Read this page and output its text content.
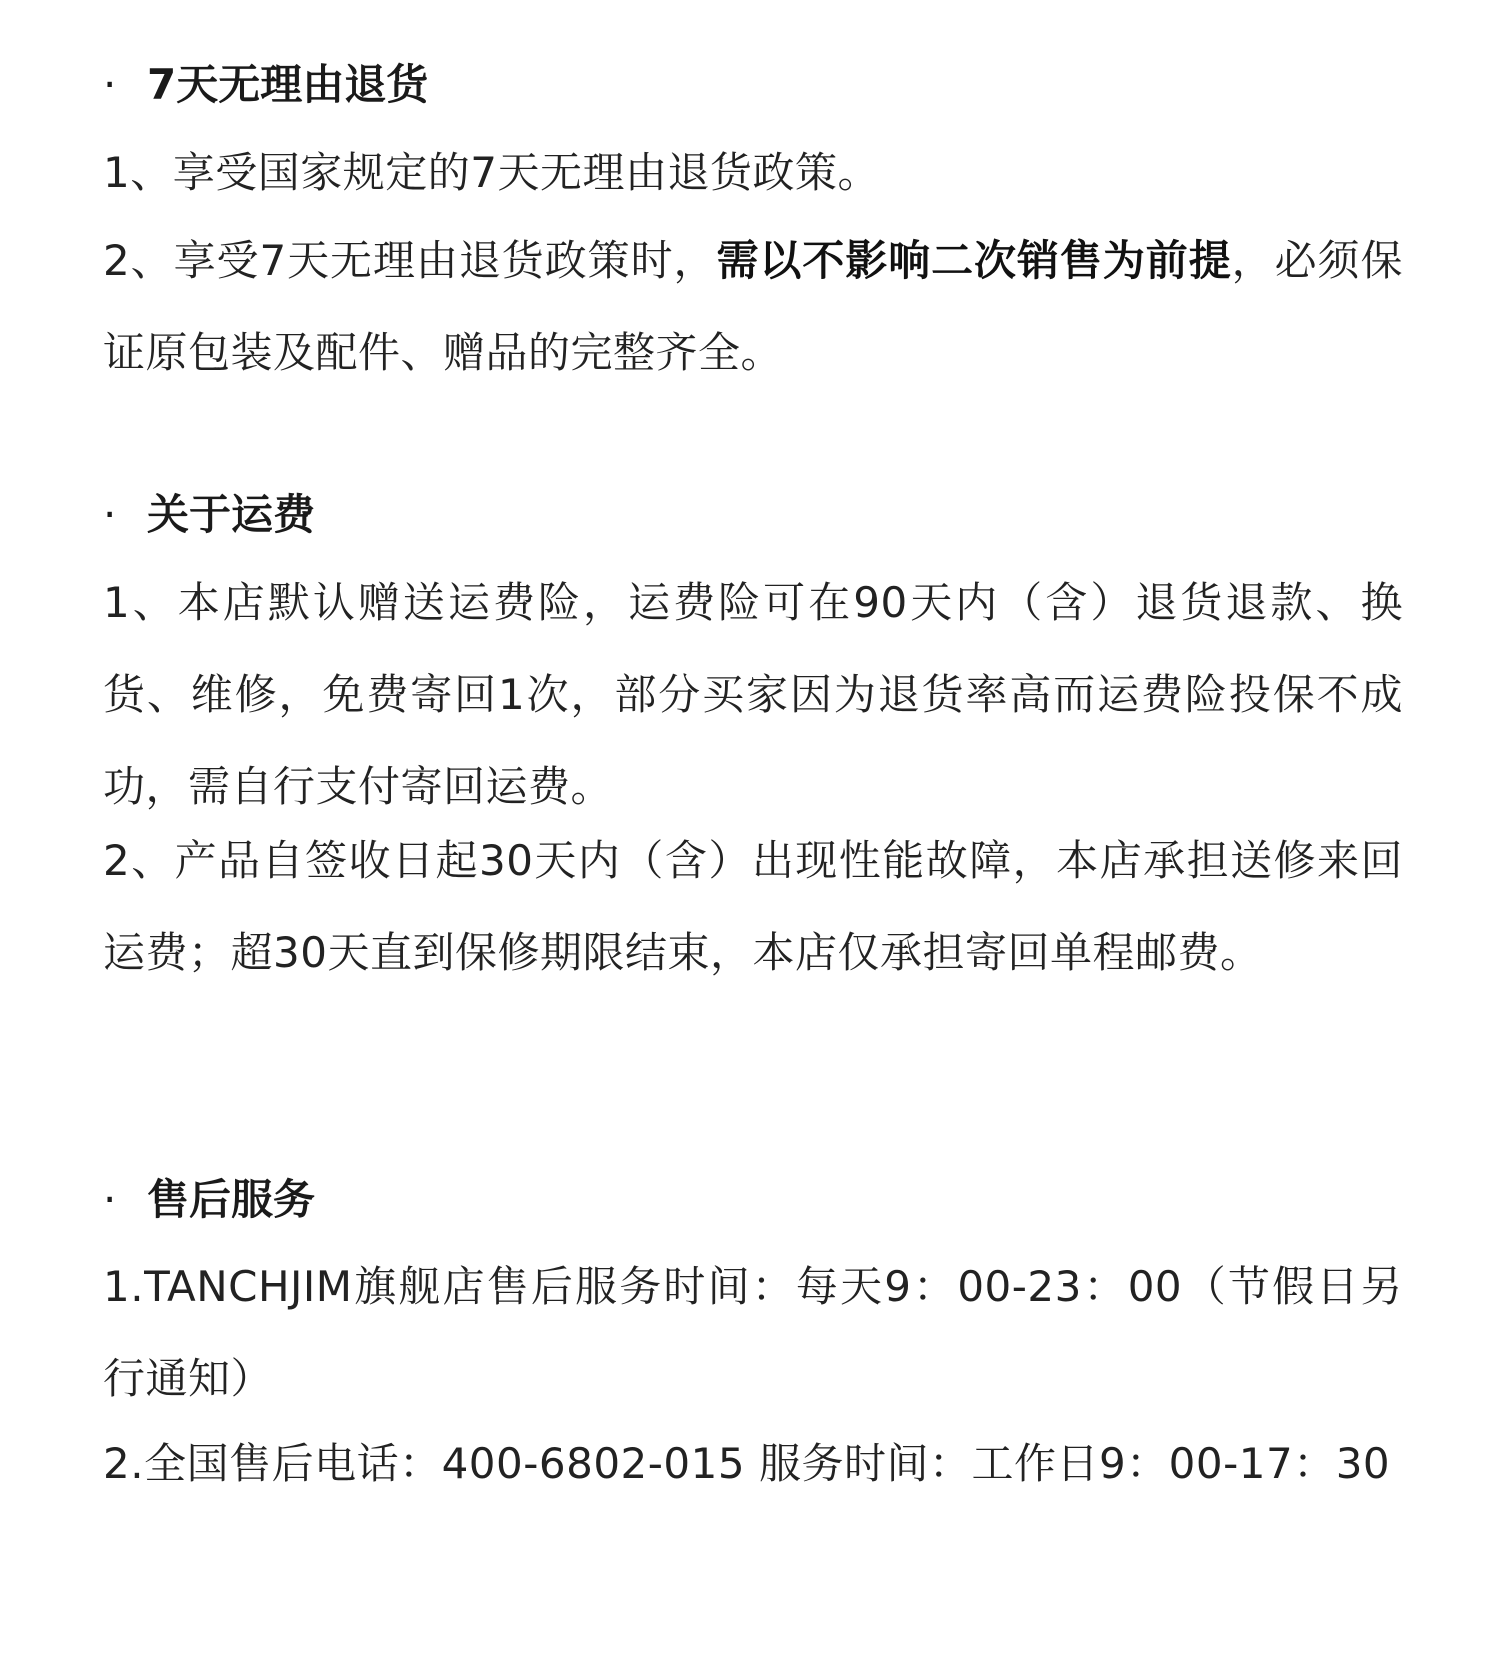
· 7天无理由退货
1、享受国家规定的7天无理由退货政策。
2、享受7天无理由退货政策时，需以不影响二次销售为前提，必须保证原包装及配件、赠品的完整齐全。
· 关于运费
1、本店默认赠送运费险，运费险可在90天内（含）退货退款、换货、维修，免费寄回1次，部分买家因为退货率高而运费险投保不成功，需自行支付寄回运费。
2、产品自签收日起30天内（含）出现性能故障，本店承担送修来回运费；超30天直到保修期限结束，本店仅承担寄回单程邮费。
· 售后服务
1.TANCHJIM旗舰店售后服务时间：每天9：00-23：00（节假日另行通知）
2.全国售后电话：400-6802-015 服务时间：工作日9：00-17：30
